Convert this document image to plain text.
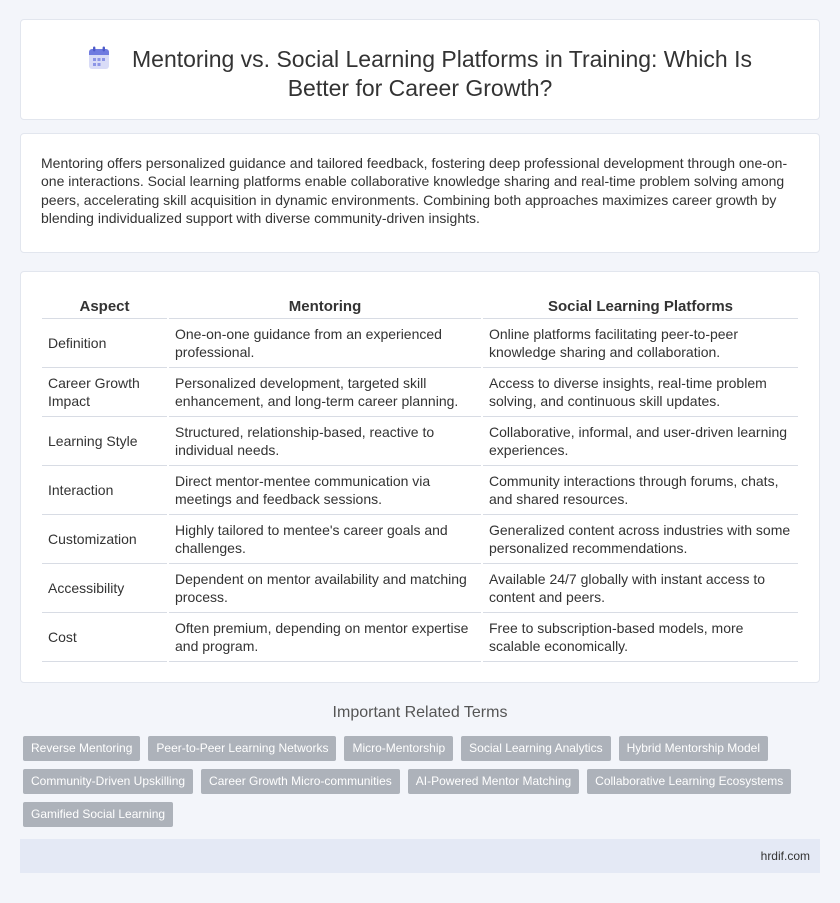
Mentoring vs. Social Learning Platforms in Training: Which Is Better for Career Growth?

Mentoring offers personalized guidance and tailored feedback, fostering deep professional development through one-on-one interactions. Social learning platforms enable collaborative knowledge sharing and real-time problem solving among peers, accelerating skill acquisition in dynamic environments. Combining both approaches maximizes career growth by blending individualized support with diverse community-driven insights.

Aspect	Mentoring	Social Learning Platforms
Definition	One-on-one guidance from an experienced professional.	Online platforms facilitating peer-to-peer knowledge sharing and collaboration.
Career Growth Impact	Personalized development, targeted skill enhancement, and long-term career planning.	Access to diverse insights, real-time problem solving, and continuous skill updates.
Learning Style	Structured, relationship-based, reactive to individual needs.	Collaborative, informal, and user-driven learning experiences.
Interaction	Direct mentor-mentee communication via meetings and feedback sessions.	Community interactions through forums, chats, and shared resources.
Customization	Highly tailored to mentee's career goals and challenges.	Generalized content across industries with some personalized recommendations.
Accessibility	Dependent on mentor availability and matching process.	Available 24/7 globally with instant access to content and peers.
Cost	Often premium, depending on mentor expertise and program.	Free to subscription-based models, more scalable economically.
Important Related Terms
Reverse Mentoring	Peer-to-Peer Learning Networks	Micro-Mentorship	Social Learning Analytics	Hybrid Mentorship Model
Community-Driven Upskilling	Career Growth Micro-communities	AI-Powered Mentor Matching	Collaborative Learning Ecosystems
Gamified Social Learning
hrdif.com
